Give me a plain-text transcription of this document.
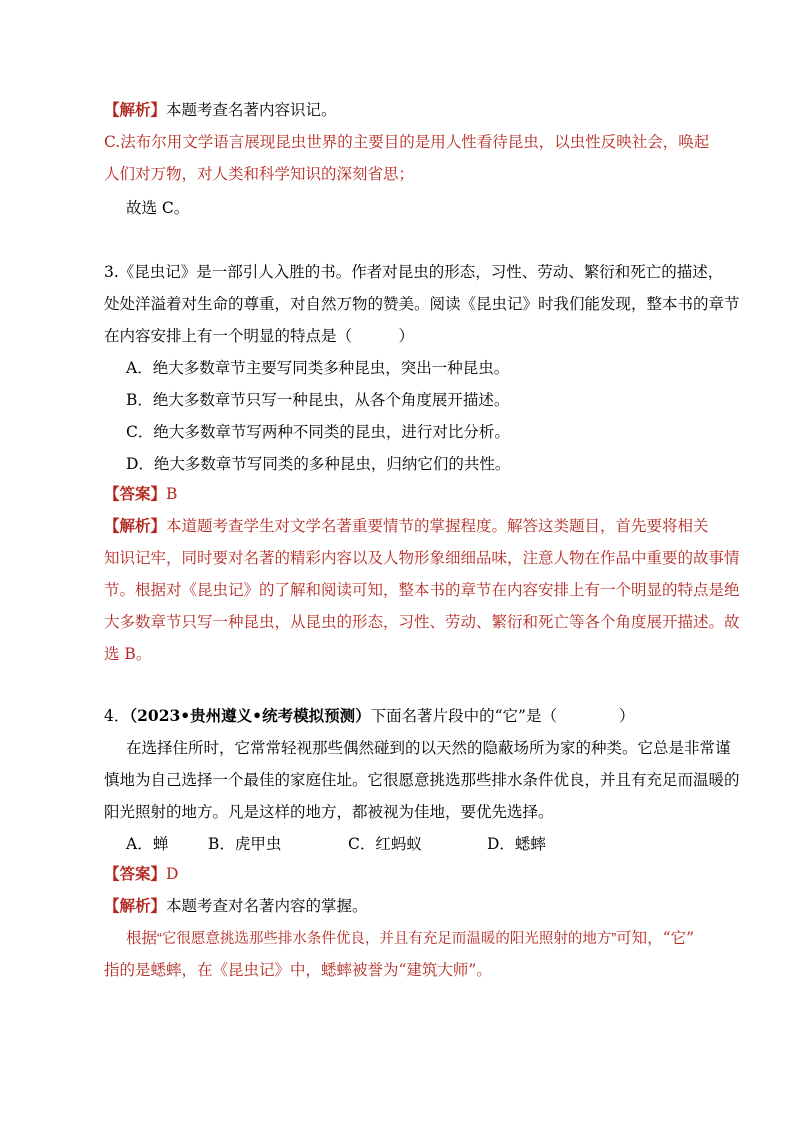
【解析】本题考查名著内容识记。
C.法布尔用文学语言展现昆虫世界的主要目的是用人性看待昆虫，以虫性反映社会，唤起
人们对万物，对人类和科学知识的深刻省思；
故选 C。
3.《昆虫记》是一部引人入胜的书。作者对昆虫的形态，习性、劳动、繁衍和死亡的描述，
处处洋溢着对生命的尊重，对自然万物的赞美。阅读《昆虫记》时我们能发现，整本书的章节
在内容安排上有一个明显的特点是（　　　）
A．绝大多数章节主要写同类多种昆虫，突出一种昆虫。
B．绝大多数章节只写一种昆虫，从各个角度展开描述。
C．绝大多数章节写两种不同类的昆虫，进行对比分析。
D．绝大多数章节写同类的多种昆虫，归纳它们的共性。
【答案】B
【解析】本道题考查学生对文学名著重要情节的掌握程度。解答这类题目，首先要将相关
知识记牢，同时要对名著的精彩内容以及人物形象细细品味，注意人物在作品中重要的故事情
节。根据对《昆虫记》的了解和阅读可知，整本书的章节在内容安排上有一个明显的特点是绝
大多数章节只写一种昆虫，从昆虫的形态，习性、劳动、繁衍和死亡等各个角度展开描述。故
选 B。
4．（2023•贵州遵义•统考模拟预测）下面名著片段中的“它”是（　　　　）
在选择住所时，它常常轻视那些偶然碰到的以天然的隐蔽场所为家的种类。它总是非常谨
慎地为自己选择一个最佳的家庭住址。它很愿意挑选那些排水条件优良，并且有充足而温暖的
阳光照射的地方。凡是这样的地方，都被视为佳地，要优先选择。
A．蝉	B．虎甲虫	C．红蚂蚁	D．蟋蟀
【答案】D
【解析】本题考查对名著内容的掌握。
根据“它很愿意挑选那些排水条件优良，并且有充足而温暖的阳光照射的地方”可知，“它”
指的是蟋蟀，在《昆虫记》中，蟋蟀被誉为“建筑大师”。
